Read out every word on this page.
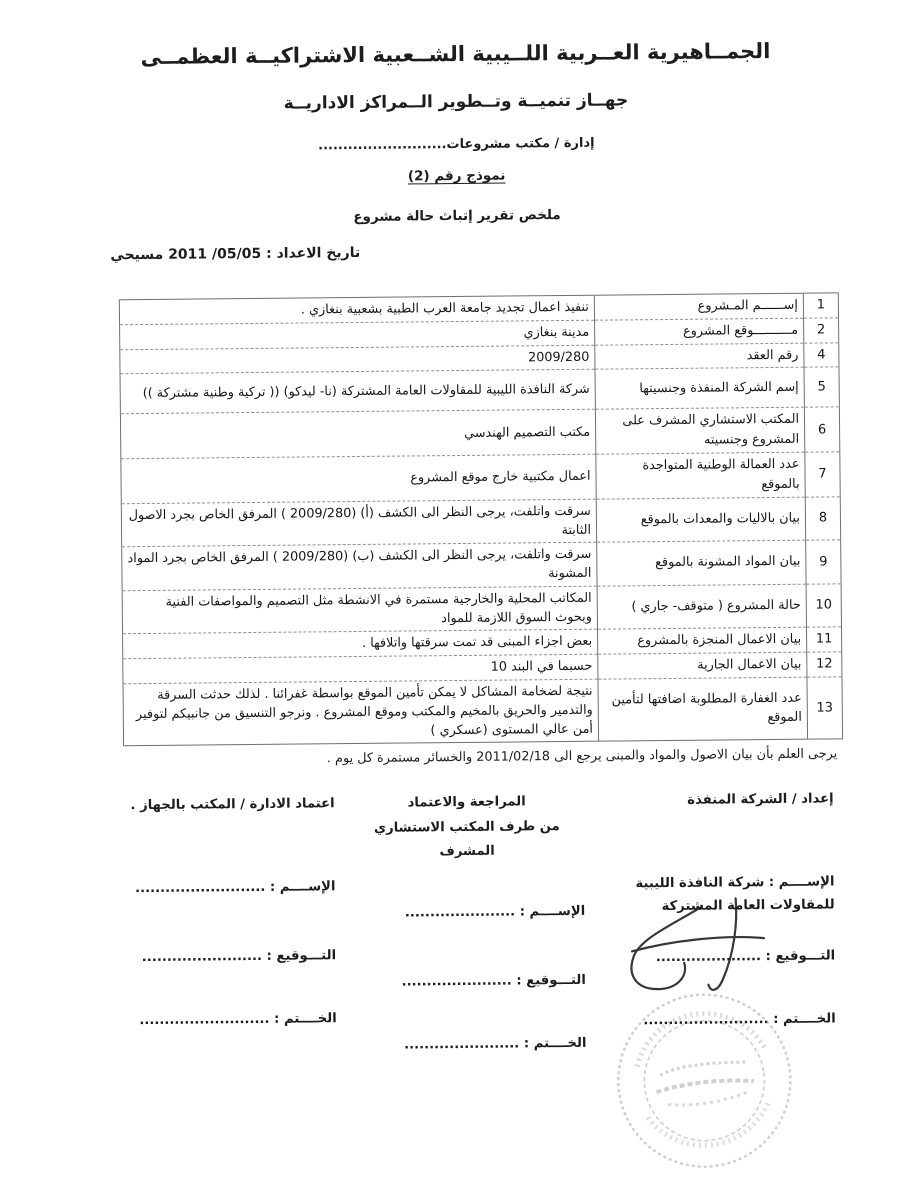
الجمــاهيرية العــربية اللــيبية الشــعبية الاشتراكيــة العظمــى
جهــاز تنميــة وتــطوير الــمراكز الاداريــة
إدارة / مكتب مشروعات..........................
نموذج رقم (2)
ملخص تقرير إتباث حالة مشروع
تاريخ الاعداد : 05/05/ 2011 مسيحي
1	إســــــم المـشروع	تنفيذ اعمال تجديد جامعة العرب الطبية بشعبية بنغازي .
2	مــــــــــوقع المشروع	مدينة بنغازي
4	رقم العقد	2009/280
5	إسم الشركة المنفذة وجنسيتها	شركة النافذة الليبية للمقاولات العامة المشتركة (نا- ليدكو) (( تركية وطنية مشتركة ))
6	المكتب الاستشاري المشرف على المشروع وجنسيته	مكتب التصميم الهندسي
7	عدد العمالة الوطنية المتواجدة بالموقع	اعمال مكتبية خارج موقع المشروع
8	بيان بالاليات والمعدات بالموقع	سرقت واتلفت، يرجى النظر الى الكشف (أ) (2009/280 ) المرفق الخاص بجرد الاصول الثابتة
9	بيان المواد المشونة بالموقع	سرقت واتلفت، يرجى النظر الى الكشف (ب) (2009/280 ) المرفق الخاص بجرد المواد المشونة
10	حالة المشروع ( متوقف- جاري )	المكاتب المحلية والخارجية مستمرة في الانشطة مثل التصميم والمواصفات الفنية وبحوث السوق اللازمة للمواد
11	بيان الاعمال المنجزة بالمشروع	بعض اجزاء المبنى قد تمت سرقتها واتلافها .
12	بيان الاعمال الجارية	حسبما في البند 10
13	عدد الغفارة المطلوبة اضافتها لتأمين الموقع	نتيجة لضخامة المشاكل لا يمكن تأمين الموقع بواسطة غفرائنا . لذلك حدثت السرقة والتدمير والحريق بالمخيم والمكتب وموقع المشروع . ونرجو التنسيق من جانبيكم لتوفير أمن عالي المستوى (عسكري )
يرجى العلم بأن بيان الاصول والمواد والمبنى يرجع الى 2011/02/18 والخسائر مستمرة كل يوم .
إعداد / الشركة المنفذة
الإســــم : شركة النافذة الليبية للمقاولات العامة المشتركة
التـــوقيع : .....................
الخــــتم : .........................
المراجعة والاعتماد
من طرف المكتب الاستشاري المشرف
الإســــم : ......................
التـــوقيع : ......................
الخــــتم : .......................
اعتماد الادارة / المكتب بالجهاز .
الإســــم : ..........................
التـــوقيع : ........................
الخــــتم : ..........................
